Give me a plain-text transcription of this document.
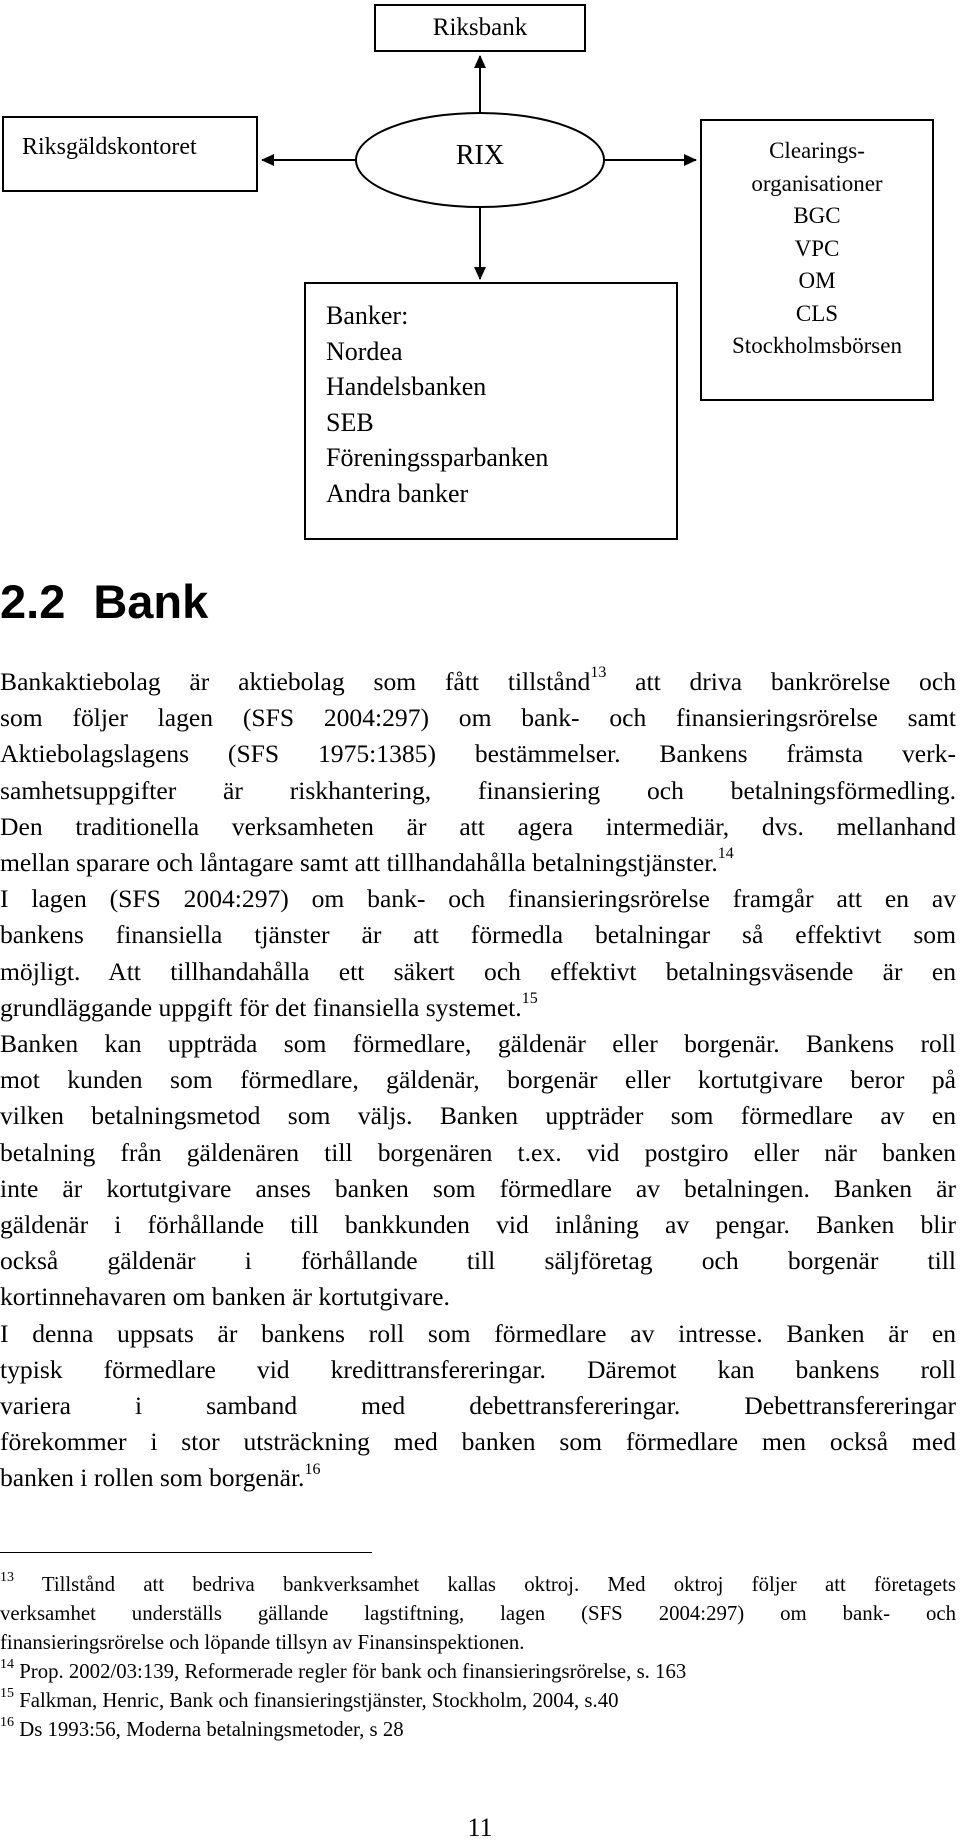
Riksbank
Riksgäldskontoret	RIX	Clearings-
organisationer
BGC
VPC
OM
CLS
Stockholmsbörsen
Banker:
Nordea
Handelsbanken
SEB
Föreningssparbanken
Andra banker
2.2 Bank
Bankaktiebolag är aktiebolag som fått tillstånd$^{13}$ att driva bankrörelse och
som följer lagen (SFS 2004:297) om bank- och finansieringsrörelse samt
Aktiebolagslagens (SFS 1975:1385) bestämmelser. Bankens främsta verk-
samhetsuppgifter är riskhantering, finansiering och betalningsförmedling.
Den traditionella verksamheten är att agera intermediär, dvs. mellanhand
mellan sparare och låntagare samt att tillhandahålla betalningstjänster.$^{14}$
I lagen (SFS 2004:297) om bank- och finansieringsrörelse framgår att en av
bankens finansiella tjänster är att förmedla betalningar så effektivt som
möjligt. Att tillhandahålla ett säkert och effektivt betalningsväsende är en
grundläggande uppgift för det finansiella systemet.$^{15}$
Banken kan uppträda som förmedlare, gäldenär eller borgenär. Bankens roll
mot kunden som förmedlare, gäldenär, borgenär eller kortutgivare beror på
vilken betalningsmetod som väljs. Banken uppträder som förmedlare av en
betalning från gäldenären till borgenären t.ex. vid postgiro eller när banken
inte är kortutgivare anses banken som förmedlare av betalningen. Banken är
gäldenär i förhållande till bankkunden vid inlåning av pengar. Banken blir
också gäldenär i förhållande till säljföretag och borgenär till
kortinnehavaren om banken är kortutgivare.
I denna uppsats är bankens roll som förmedlare av intresse. Banken är en
typisk förmedlare vid kredittransfereringar. Däremot kan bankens roll
variera i samband med debettransfereringar. Debettransfereringar
förekommer i stor utsträckning med banken som förmedlare men också med
banken i rollen som borgenär.$^{16}$
$^{13}$ Tillstånd att bedriva bankverksamhet kallas oktroj. Med oktroj följer att företagets
verksamhet underställs gällande lagstiftning, lagen (SFS 2004:297) om bank- och
finansieringsrörelse och löpande tillsyn av Finansinspektionen.
$^{14}$ Prop. 2002/03:139, Reformerade regler för bank och finansieringsrörelse, s. 163
$^{15}$ Falkman, Henric, Bank och finansieringstjänster, Stockholm, 2004, s.40
$^{16}$ Ds 1993:56, Moderna betalningsmetoder, s 28
11
